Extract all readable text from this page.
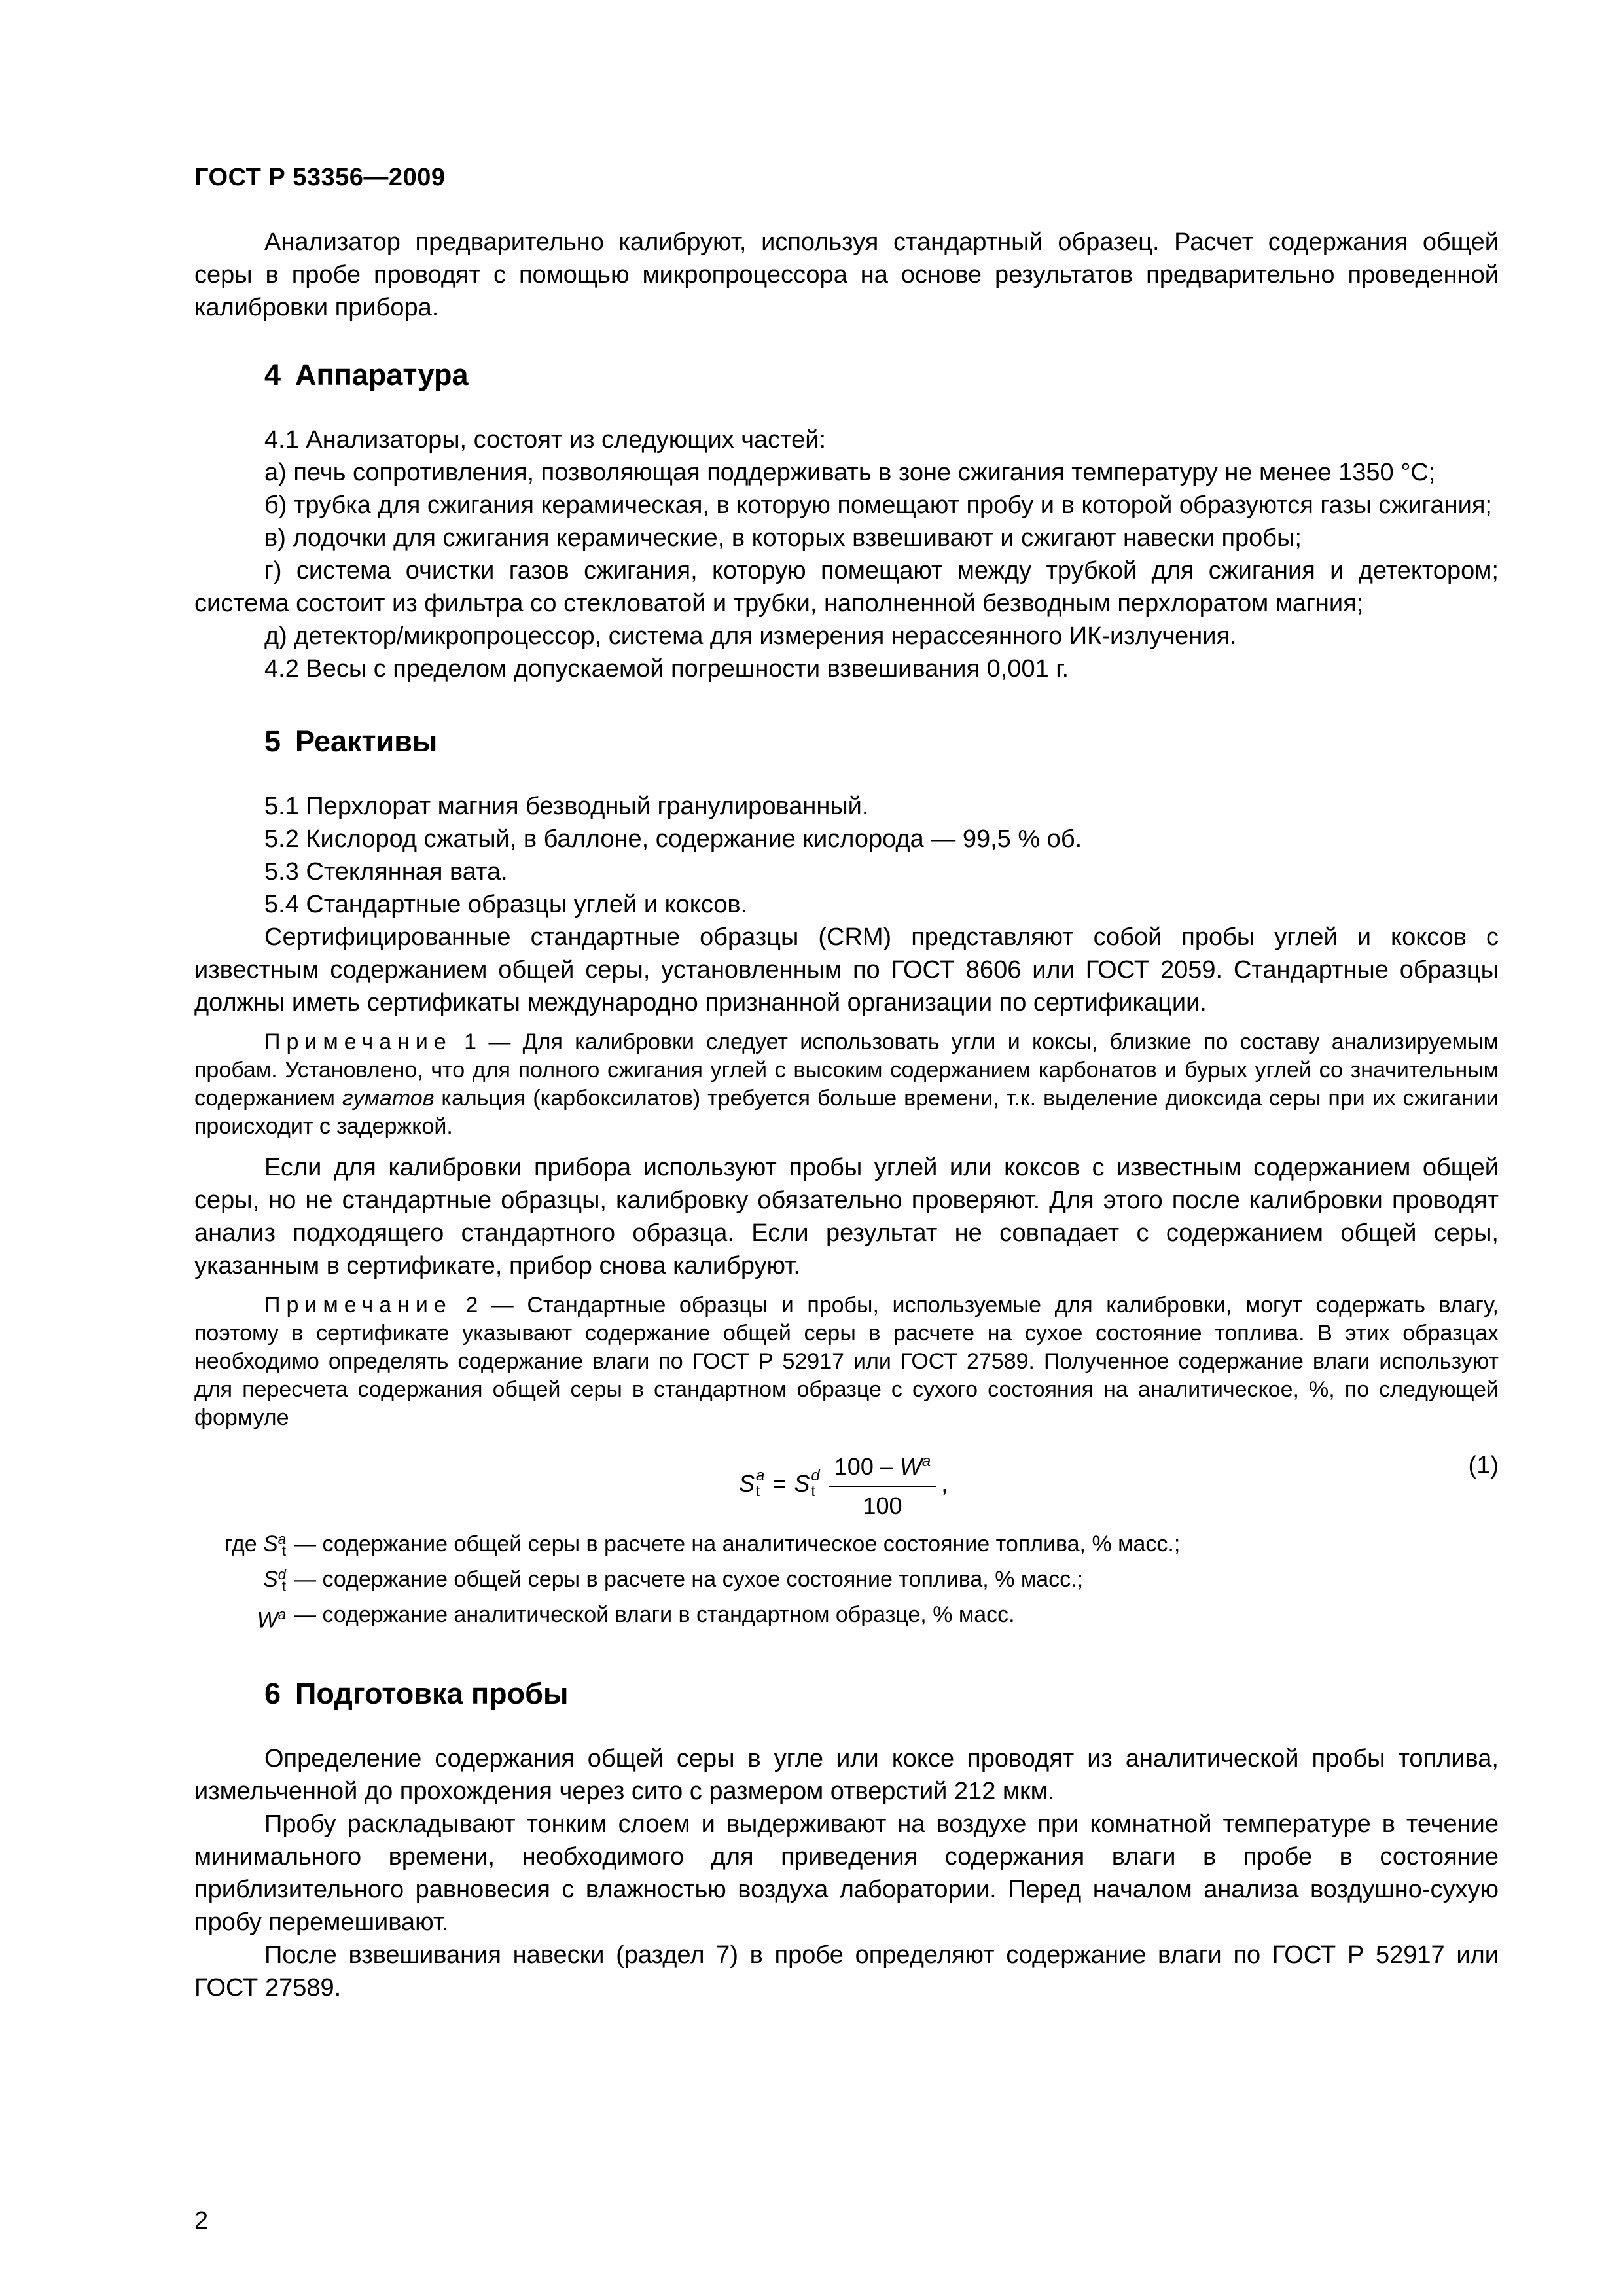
ГОСТ Р 53356—2009

Анализатор предварительно калибруют, используя стандартный образец. Расчет содержания общей серы в пробе проводят с помощью микропроцессора на основе результатов предварительно проведенной калибровки прибора.

4 Аппаратура

4.1 Анализаторы, состоят из следующих частей:

а) печь сопротивления, позволяющая поддерживать в зоне сжигания температуру не менее 1350 °С;

б) трубка для сжигания керамическая, в которую помещают пробу и в которой образуются газы сжигания;

в) лодочки для сжигания керамические, в которых взвешивают и сжигают навески пробы;

г) система очистки газов сжигания, которую помещают между трубкой для сжигания и детектором; система состоит из фильтра со стекловатой и трубки, наполненной безводным перхлоратом магния;

д) детектор/микропроцессор, система для измерения нерассеянного ИК-излучения.

4.2 Весы с пределом допускаемой погрешности взвешивания 0,001 г.

5 Реактивы

5.1 Перхлорат магния безводный гранулированный.

5.2 Кислород сжатый, в баллоне, содержание кислорода — 99,5 % об.

5.3 Стеклянная вата.

5.4 Стандартные образцы углей и коксов.

Сертифицированные стандартные образцы (CRM) представляют собой пробы углей и коксов с известным содержанием общей серы, установленным по ГОСТ 8606 или ГОСТ 2059. Стандартные образцы должны иметь сертификаты международно признанной организации по сертификации.

Примечание 1 — Для калибровки следует использовать угли и коксы, близкие по составу анализируемым пробам. Установлено, что для полного сжигания углей с высоким содержанием карбонатов и бурых углей со значительным содержанием гуматов кальция (карбоксилатов) требуется больше времени, т.к. выделение диоксида серы при их сжигании происходит с задержкой.

Если для калибровки прибора используют пробы углей или коксов с известным содержанием общей серы, но не стандартные образцы, калибровку обязательно проверяют. Для этого после калибровки проводят анализ подходящего стандартного образца. Если результат не совпадает с содержанием общей серы, указанным в сертификате, прибор снова калибруют.

Примечание 2 — Стандартные образцы и пробы, используемые для калибровки, могут содержать влагу, поэтому в сертификате указывают содержание общей серы в расчете на сухое состояние топлива. В этих образцах необходимо определять содержание влаги по ГОСТ Р 52917 или ГОСТ 27589. Полученное содержание влаги используют для пересчета содержания общей серы в стандартном образце с сухого состояния на аналитическое, %, по следующей формуле

S a
t = S d
t $\frac{100 - W^a}{100}$ ,
(1)
где S a
t — содержание общей серы в расчете на аналитическое состояние топлива, % масс.;
S d
t — содержание общей серы в расчете на сухое состояние топлива, % масс.;
$W^a$ — содержание аналитической влаги в стандартном образце, % масс.
6 Подготовка пробы

Определение содержания общей серы в угле или коксе проводят из аналитической пробы топлива, измельченной до прохождения через сито с размером отверстий 212 мкм.

Пробу раскладывают тонким слоем и выдерживают на воздухе при комнатной температуре в течение минимального времени, необходимого для приведения содержания влаги в пробе в состояние приблизительного равновесия с влажностью воздуха лаборатории. Перед началом анализа воздушно-сухую пробу перемешивают.

После взвешивания навески (раздел 7) в пробе определяют содержание влаги по ГОСТ Р 52917 или ГОСТ 27589.

2
